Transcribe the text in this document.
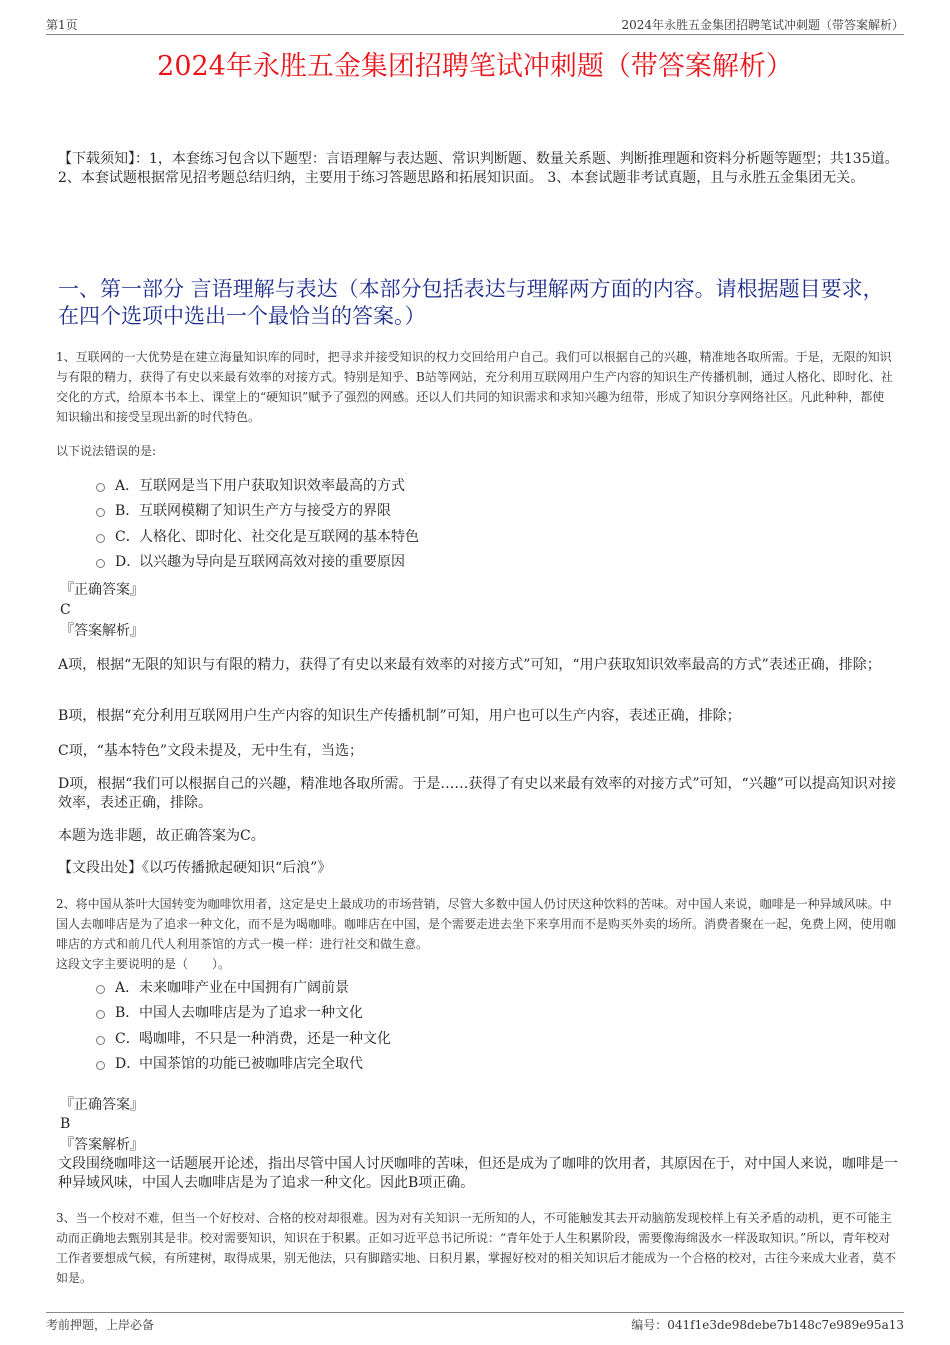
第1页	2024年永胜五金集团招聘笔试冲刺题（带答案解析）
2024年永胜五金集团招聘笔试冲刺题（带答案解析）
【下载须知】：1，本套练习包含以下题型：言语理解与表达题、常识判断题、数量关系题、判断推理题和资料分析题等题型；共135道。 2、本套试题根据常见招考题总结归纳，主要用于练习答题思路和拓展知识面。 3、本套试题非考试真题，且与永胜五金集团无关。
一、第一部分 言语理解与表达（本部分包括表达与理解两方面的内容。请根据题目要求，在四个选项中选出一个最恰当的答案。）
1、互联网的一大优势是在建立海量知识库的同时，把寻求并接受知识的权力交回给用户自己。我们可以根据自己的兴趣，精准地各取所需。于是，无限的知识与有限的精力，获得了有史以来最有效率的对接方式。特别是知乎、B站等网站，充分利用互联网用户生产内容的知识生产传播机制，通过人格化、即时化、社交化的方式，给原本书本上、课堂上的“硬知识”赋予了强烈的网感。还以人们共同的知识需求和求知兴趣为纽带，形成了知识分享网络社区。凡此种种，都使知识输出和接受呈现出新的时代特色。
以下说法错误的是:
A． 互联网是当下用户获取知识效率最高的方式
B． 互联网模糊了知识生产方与接受方的界限
C． 人格化、即时化、社交化是互联网的基本特色
D．
以兴趣为导向是互联网高效对接的重要原因
『正确答案』
C
『答案解析』
A项，根据“无限的知识与有限的精力，获得了有史以来最有效率的对接方式”可知，“用户获取知识效率最高的方式”表述正确，排除；
B项，根据“充分利用互联网用户生产内容的知识生产传播机制”可知，用户也可以生产内容，表述正确，排除；
C项，“基本特色”文段未提及，无中生有，当选；
D项，根据“我们可以根据自己的兴趣，精准地各取所需。于是……获得了有史以来最有效率的对接方式”可知，“兴趣”可以提高知识对接效率，表述正确，排除。
本题为选非题，故正确答案为C。
【文段出处】《以巧传播掀起硬知识“后浪”》
2、将中国从茶叶大国转变为咖啡饮用者，这定是史上最成功的市场营销，尽管大多数中国人仍讨厌这种饮料的苦味。对中国人来说，咖啡是一种异域风味。中国人去咖啡店是为了追求一种文化，而不是为喝咖啡。咖啡店在中国，是个需要走进去坐下来享用而不是购买外卖的场所。消费者聚在一起，免费上网，使用咖啡店的方式和前几代人利用茶馆的方式一模一样：进行社交和做生意。
这段文字主要说明的是（　　）。
A． 未来咖啡产业在中国拥有广阔前景
B． 中国人去咖啡店是为了追求一种文化
C． 喝咖啡，不只是一种消费，还是一种文化
D．
中国茶馆的功能已被咖啡店完全取代
『正确答案』
B
『答案解析』
文段围绕咖啡这一话题展开论述，指出尽管中国人讨厌咖啡的苦味，但还是成为了咖啡的饮用者，其原因在于，对中国人来说，咖啡是一种异域风味，中国人去咖啡店是为了追求一种文化。因此B项正确。
3、当一个校对不难，但当一个好校对、合格的校对却很难。因为对有关知识一无所知的人，不可能触发其去开动脑筋发现校样上有关矛盾的动机，更不可能主动而正确地去甄别其是非。校对需要知识，知识在于积累。正如习近平总书记所说：“青年处于人生积累阶段，需要像海绵汲水一样汲取知识。”所以，青年校对工作者要想成气候，有所建树，取得成果，别无他法，只有脚踏实地、日积月累，掌握好校对的相关知识后才能成为一个合格的校对，古往今来成大业者，莫不如是。
考前押题，上岸必备	编号：041f1e3de98debe7b148c7e989e95a13
